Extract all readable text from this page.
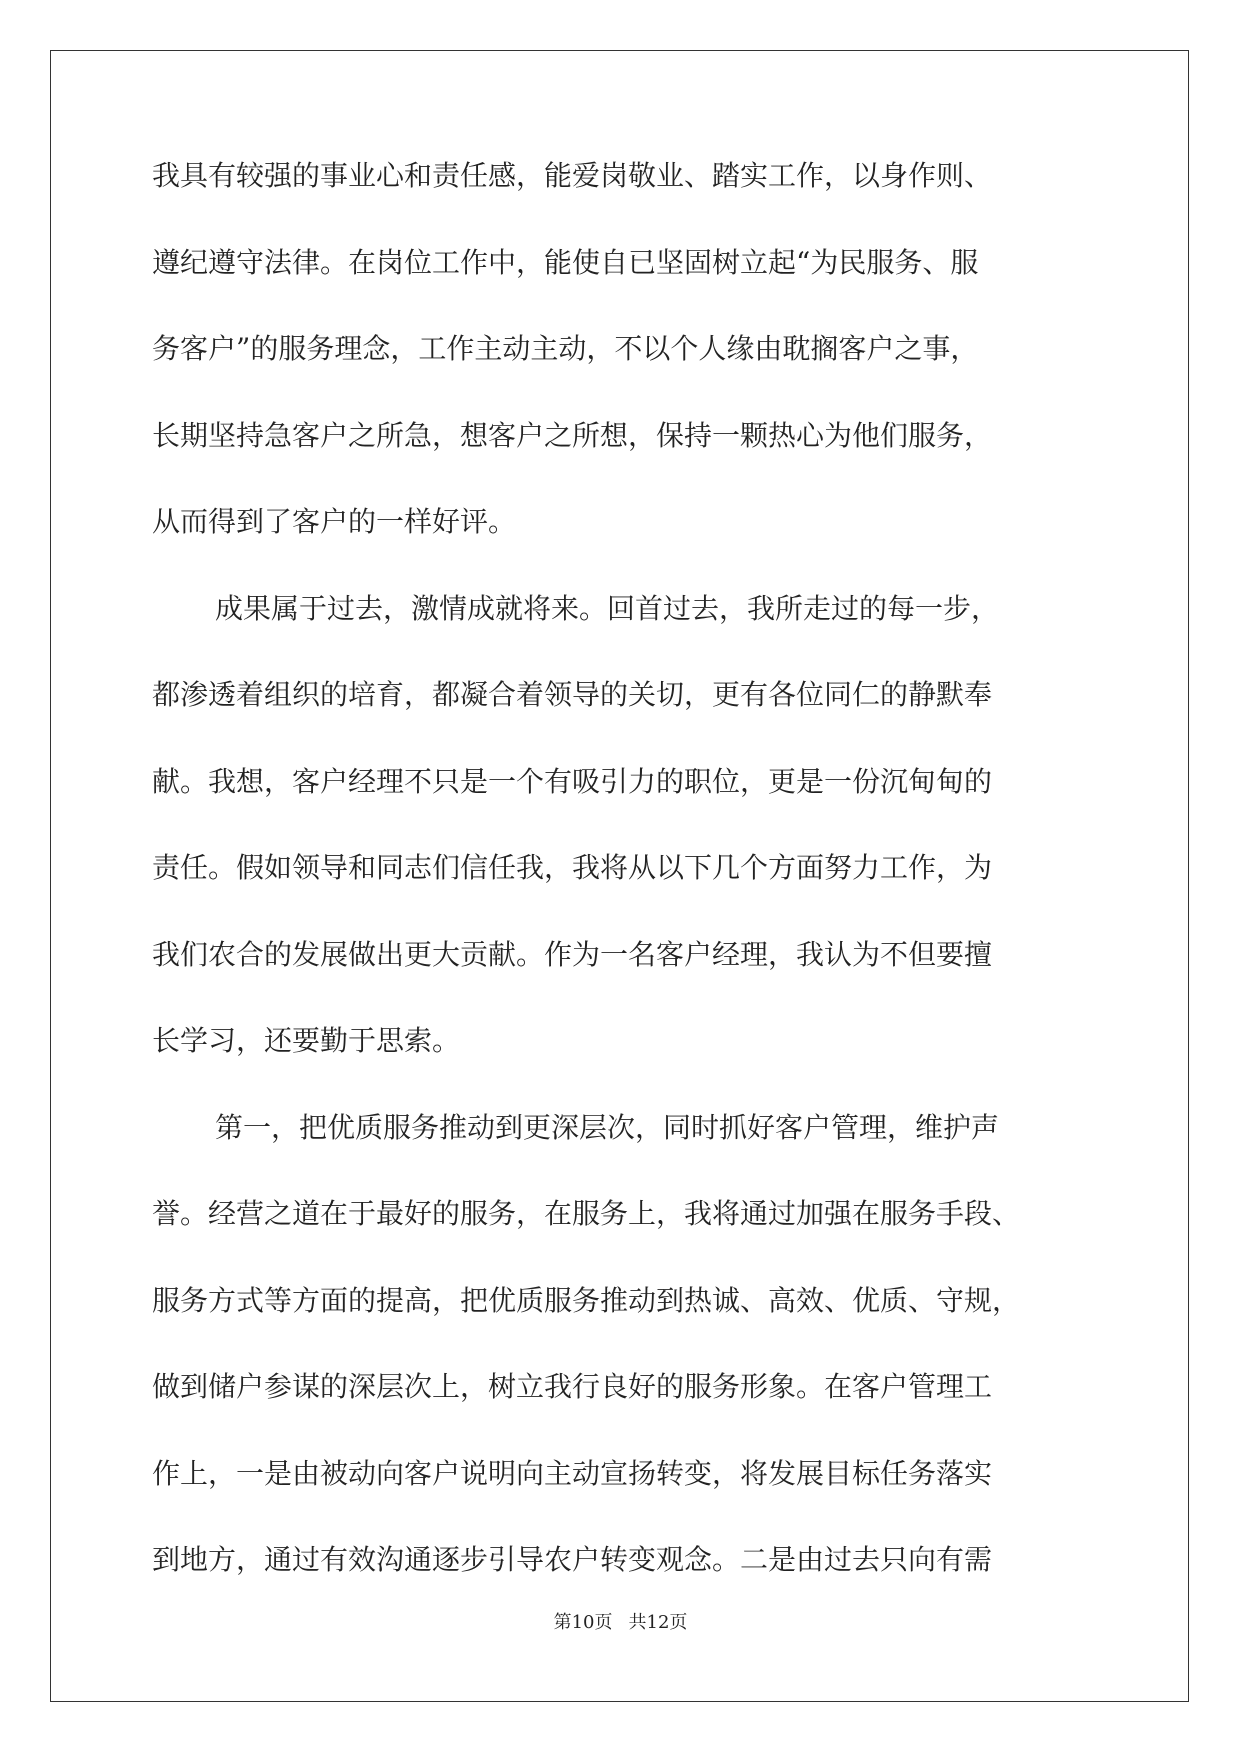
我具有较强的事业心和责任感，能爱岗敬业、踏实工作，以身作则、
遵纪遵守法律。在岗位工作中，能使自已坚固树立起“为民服务、服
务客户”的服务理念，工作主动主动，不以个人缘由耽搁客户之事，
长期坚持急客户之所急，想客户之所想，保持一颗热心为他们服务，
从而得到了客户的一样好评。
成果属于过去，激情成就将来。回首过去，我所走过的每一步，
都渗透着组织的培育，都凝合着领导的关切，更有各位同仁的静默奉
献。我想，客户经理不只是一个有吸引力的职位，更是一份沉甸甸的
责任。假如领导和同志们信任我，我将从以下几个方面努力工作，为
我们农合的发展做出更大贡献。作为一名客户经理，我认为不但要擅
长学习，还要勤于思索。
第一，把优质服务推动到更深层次，同时抓好客户管理，维护声
誉。经营之道在于最好的服务，在服务上，我将通过加强在服务手段、
服务方式等方面的提高，把优质服务推动到热诚、高效、优质、守规，
做到储户参谋的深层次上，树立我行良好的服务形象。在客户管理工
作上，一是由被动向客户说明向主动宣扬转变，将发展目标任务落实
到地方，通过有效沟通逐步引导农户转变观念。二是由过去只向有需
第10页 共12页
